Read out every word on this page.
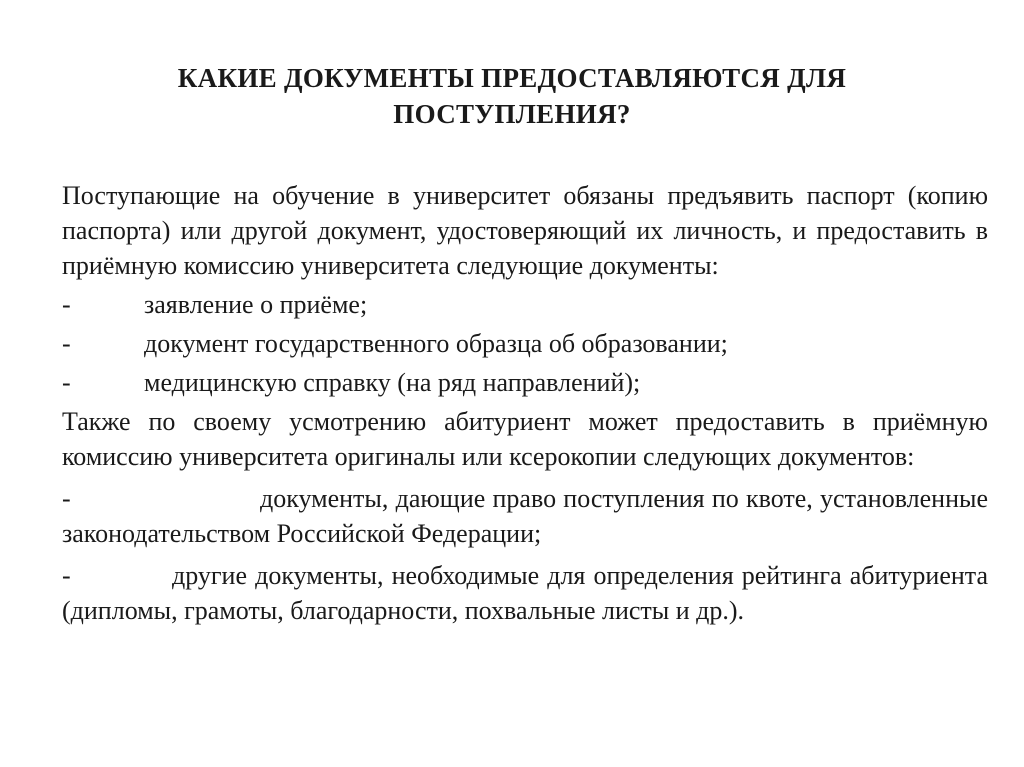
КАКИЕ ДОКУМЕНТЫ ПРЕДОСТАВЛЯЮТСЯ ДЛЯ
ПОСТУПЛЕНИЯ?

Поступающие на обучение в университет обязаны предъявить паспорт (копию паспорта) или другой документ, удостоверяющий их личность, и предоставить в приёмную комиссию университета следующие документы:

-	заявление о приёме;

-	документ государственного образца об образовании;

-	медицинскую справку (на ряд направлений);

Также по своему усмотрению абитуриент может предоставить в приёмную комиссию университета оригиналы или ксерокопии следующих документов:

-	документы, дающие право поступления по квоте, установленные законодательством Российской Федерации;

-	другие документы, необходимые для определения рейтинга абитуриента (дипломы, грамоты, благодарности, похвальные листы и др.).
